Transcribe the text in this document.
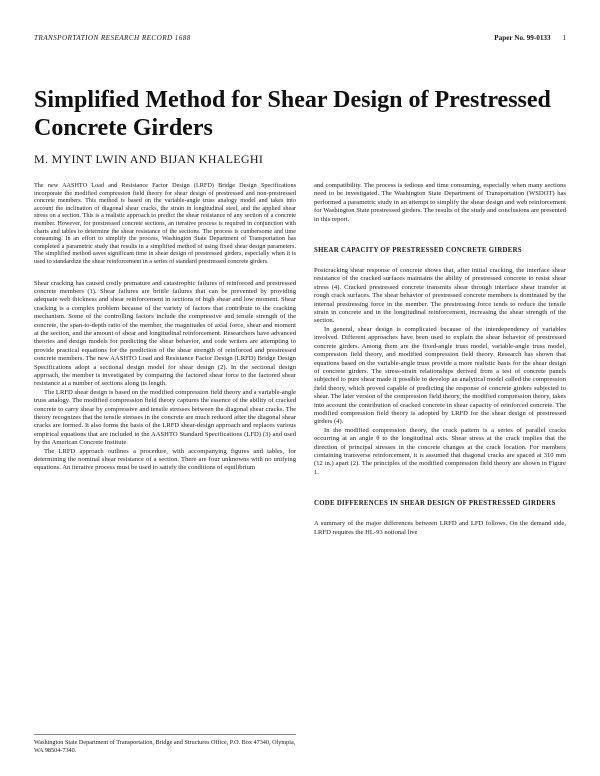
TRANSPORTATION RESEARCH RECORD 1688	Paper No. 99-0133 1
Simplified Method for Shear Design of Prestressed Concrete Girders
M. MYINT LWIN AND BIJAN KHALEGHI

The new AASHTO Load and Resistance Factor Design (LRFD) Bridge Design Specifications incorporate the modified compression field theory for shear design of prestressed and non-prestressed concrete members. This method is based on the variable-angle truss analogy model and takes into account the inclination of diagonal shear cracks, the strain in longitudinal steel, and the applied shear stress on a section. This is a realistic approach to predict the shear resistance of any section of a concrete member. However, for prestressed concrete sections, an iterative process is required in conjunction with charts and tables to determine the shear resistance of the sections. The process is cumbersome and time consuming. In an effort to simplify the process, Washington State Department of Transportation has completed a parametric study that results in a simplified method of using fixed shear design parameters. The simplified method saves significant time in shear design of prestressed girders, especially when it is used to standardize the shear reinforcement in a series of standard prestressed concrete girders.

Shear cracking has caused costly premature and catastrophic failures of reinforced and prestressed concrete members (1). Shear failures are brittle failures that can be prevented by providing adequate web thickness and shear reinforcement in sections of high shear and low moment. Shear cracking is a complex problem because of the variety of factors that contribute to the cracking mechanism. Some of the controlling factors include the compressive and tensile strength of the concrete, the span-to-depth ratio of the member, the magnitudes of axial force, shear and moment at the section, and the amount of shear and longitudinal reinforcement. Researchers have advanced theories and design models for predicting the shear behavior, and code writers are attempting to provide practical equations for the prediction of the shear strength of reinforced and prestressed concrete members. The new AASHTO Load and Resistance Factor Design (LRFD) Bridge Design Specifications adopt a sectional design model for shear design (2). In the sectional design approach, the member is investigated by comparing the factored shear force to the factored shear resistance at a number of sections along its length.

The LRFD shear design is based on the modified compression field theory and a variable-angle truss analogy. The modified compression field theory captures the essence of the ability of cracked concrete to carry shear by compressive and tensile stresses between the diagonal shear cracks. The theory recognizes that the tensile stresses in the concrete are much reduced after the diagonal shear cracks are formed. It also forms the basis of the LRFD shear-design approach and replaces various empirical equations that are included in the AASHTO Standard Specifications (LFD) (3) and used by the American Concrete Institute.

The LRFD approach outlines a procedure, with accompanying figures and tables, for determining the nominal shear resistance of a section. There are four unknowns with no unifying equations. An iterative process must be used to satisfy the conditions of equilibrium

Washington State Department of Transportation, Bridge and Structures Office, P.O. Box 47340, Olympia, WA 98504-7340.

and compatibility. The process is tedious and time consuming, especially when many sections need to be investigated. The Washington State Department of Transportation (WSDOT) has performed a parametric study in an attempt to simplify the shear design and web reinforcement for Washington State prestressed girders. The results of the study and conclusions are presented in this report.

SHEAR CAPACITY OF PRESTRESSED CONCRETE GIRDERS

Postcracking shear response of concrete shows that, after initial cracking, the interface shear resistance of the cracked surfaces maintains the ability of prestressed concrete to resist shear stress (4). Cracked prestressed concrete transmits shear through interface shear transfer at rough crack surfaces. The shear behavior of prestressed concrete members is dominated by the internal prestressing force in the member. The prestressing force tends to reduce the tensile strain in concrete and in the longitudinal reinforcement, increasing the shear strength of the section.

In general, shear design is complicated because of the interdependency of variables involved. Different approaches have been used to explain the shear behavior of prestressed concrete girders. Among them are the fixed-angle truss model, variable-angle truss model, compression field theory, and modified compression field theory. Research has shown that equations based on the variable-angle truss provide a more realistic basis for the shear design of concrete girders. The stress-strain relationships derived from a test of concrete panels subjected to pure shear made it possible to develop an analytical model called the compression field theory, which proved capable of predicting the response of concrete girders subjected to shear. The later version of the compression field theory, the modified compression theory, takes into account the contribution of cracked concrete in shear capacity of reinforced concrete. The modified compression field theory is adopted by LRFD for the shear design of prestressed girders (4).

In the modified compression theory, the crack pattern is a series of parallel cracks occurring at an angle θ to the longitudinal axis. Shear stress at the crack implies that the direction of principal stresses in the concrete changes at the crack location. For members containing transverse reinforcement, it is assumed that diagonal cracks are spaced at 310 mm (12 in.) apart (2). The principles of the modified compression field theory are shown in Figure 1.

CODE DIFFERENCES IN SHEAR DESIGN OF PRESTRESSED GIRDERS

A summary of the major differences between LRFD and LFD follows. On the demand side, LRFD requires the HL-93 notional live
